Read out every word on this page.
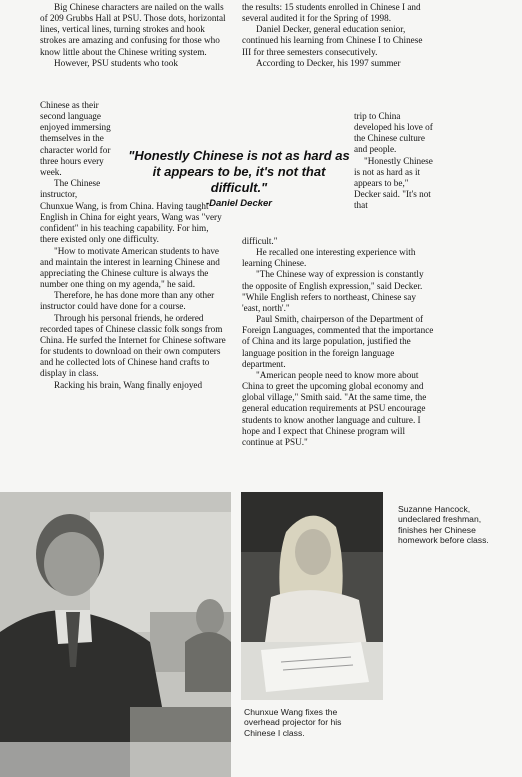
Big Chinese characters are nailed on the walls of 209 Grubbs Hall at PSU. Those dots, horizontal lines, vertical lines, turning strokes and hook strokes are amazing and confusing for those who know little about the Chinese writing system.

However, PSU students who took

Chinese as their second language enjoyed immersing themselves in the character world for three hours every week.

The Chinese instructor,

Chunxue Wang, is from China. Having taught English in China for eight years, Wang was "very confident" in his teaching capability. For him, there existed only one difficulty.

"How to motivate American students to have and maintain the interest in learning Chinese and appreciating the Chinese culture is always the number one thing on my agenda," he said.

Therefore, he has done more than any other instructor could have done for a course.

Through his personal friends, he ordered recorded tapes of Chinese classic folk songs from China. He surfed the Internet for Chinese software for students to download on their own computers and he collected lots of Chinese hand crafts to display in class.

Racking his brain, Wang finally enjoyed

the results: 15 students enrolled in Chinese I and several audited it for the Spring of 1998.

Daniel Decker, general education senior, continued his learning from Chinese I to Chinese III for three semesters consecutively.

According to Decker, his 1997 summer

trip to China developed his love of the Chinese culture and people.

"Honestly Chinese is not as hard as it appears to be," Decker said. "It's not that

"Honestly Chinese is not as hard as it appears to be, it's not that difficult."
-Daniel Decker

difficult."

He recalled one interesting experience with learning Chinese.

"The Chinese way of expression is constantly the opposite of English expression," said Decker. "While English refers to northeast, Chinese say 'east, north'."

Paul Smith, chairperson of the Department of Foreign Languages, commented that the importance of China and its large population, justified the language position in the foreign language department.

"American people need to know more about China to greet the upcoming global economy and global village," Smith said. "At the same time, the general education requirements at PSU encourage students to know another language and culture. I hope and I expect that Chinese program will continue at PSU."

Suzanne Hancock, undeclared freshman, finishes her Chinese homework before class.
Chunxue Wang fixes the overhead projector for his Chinese I class.
